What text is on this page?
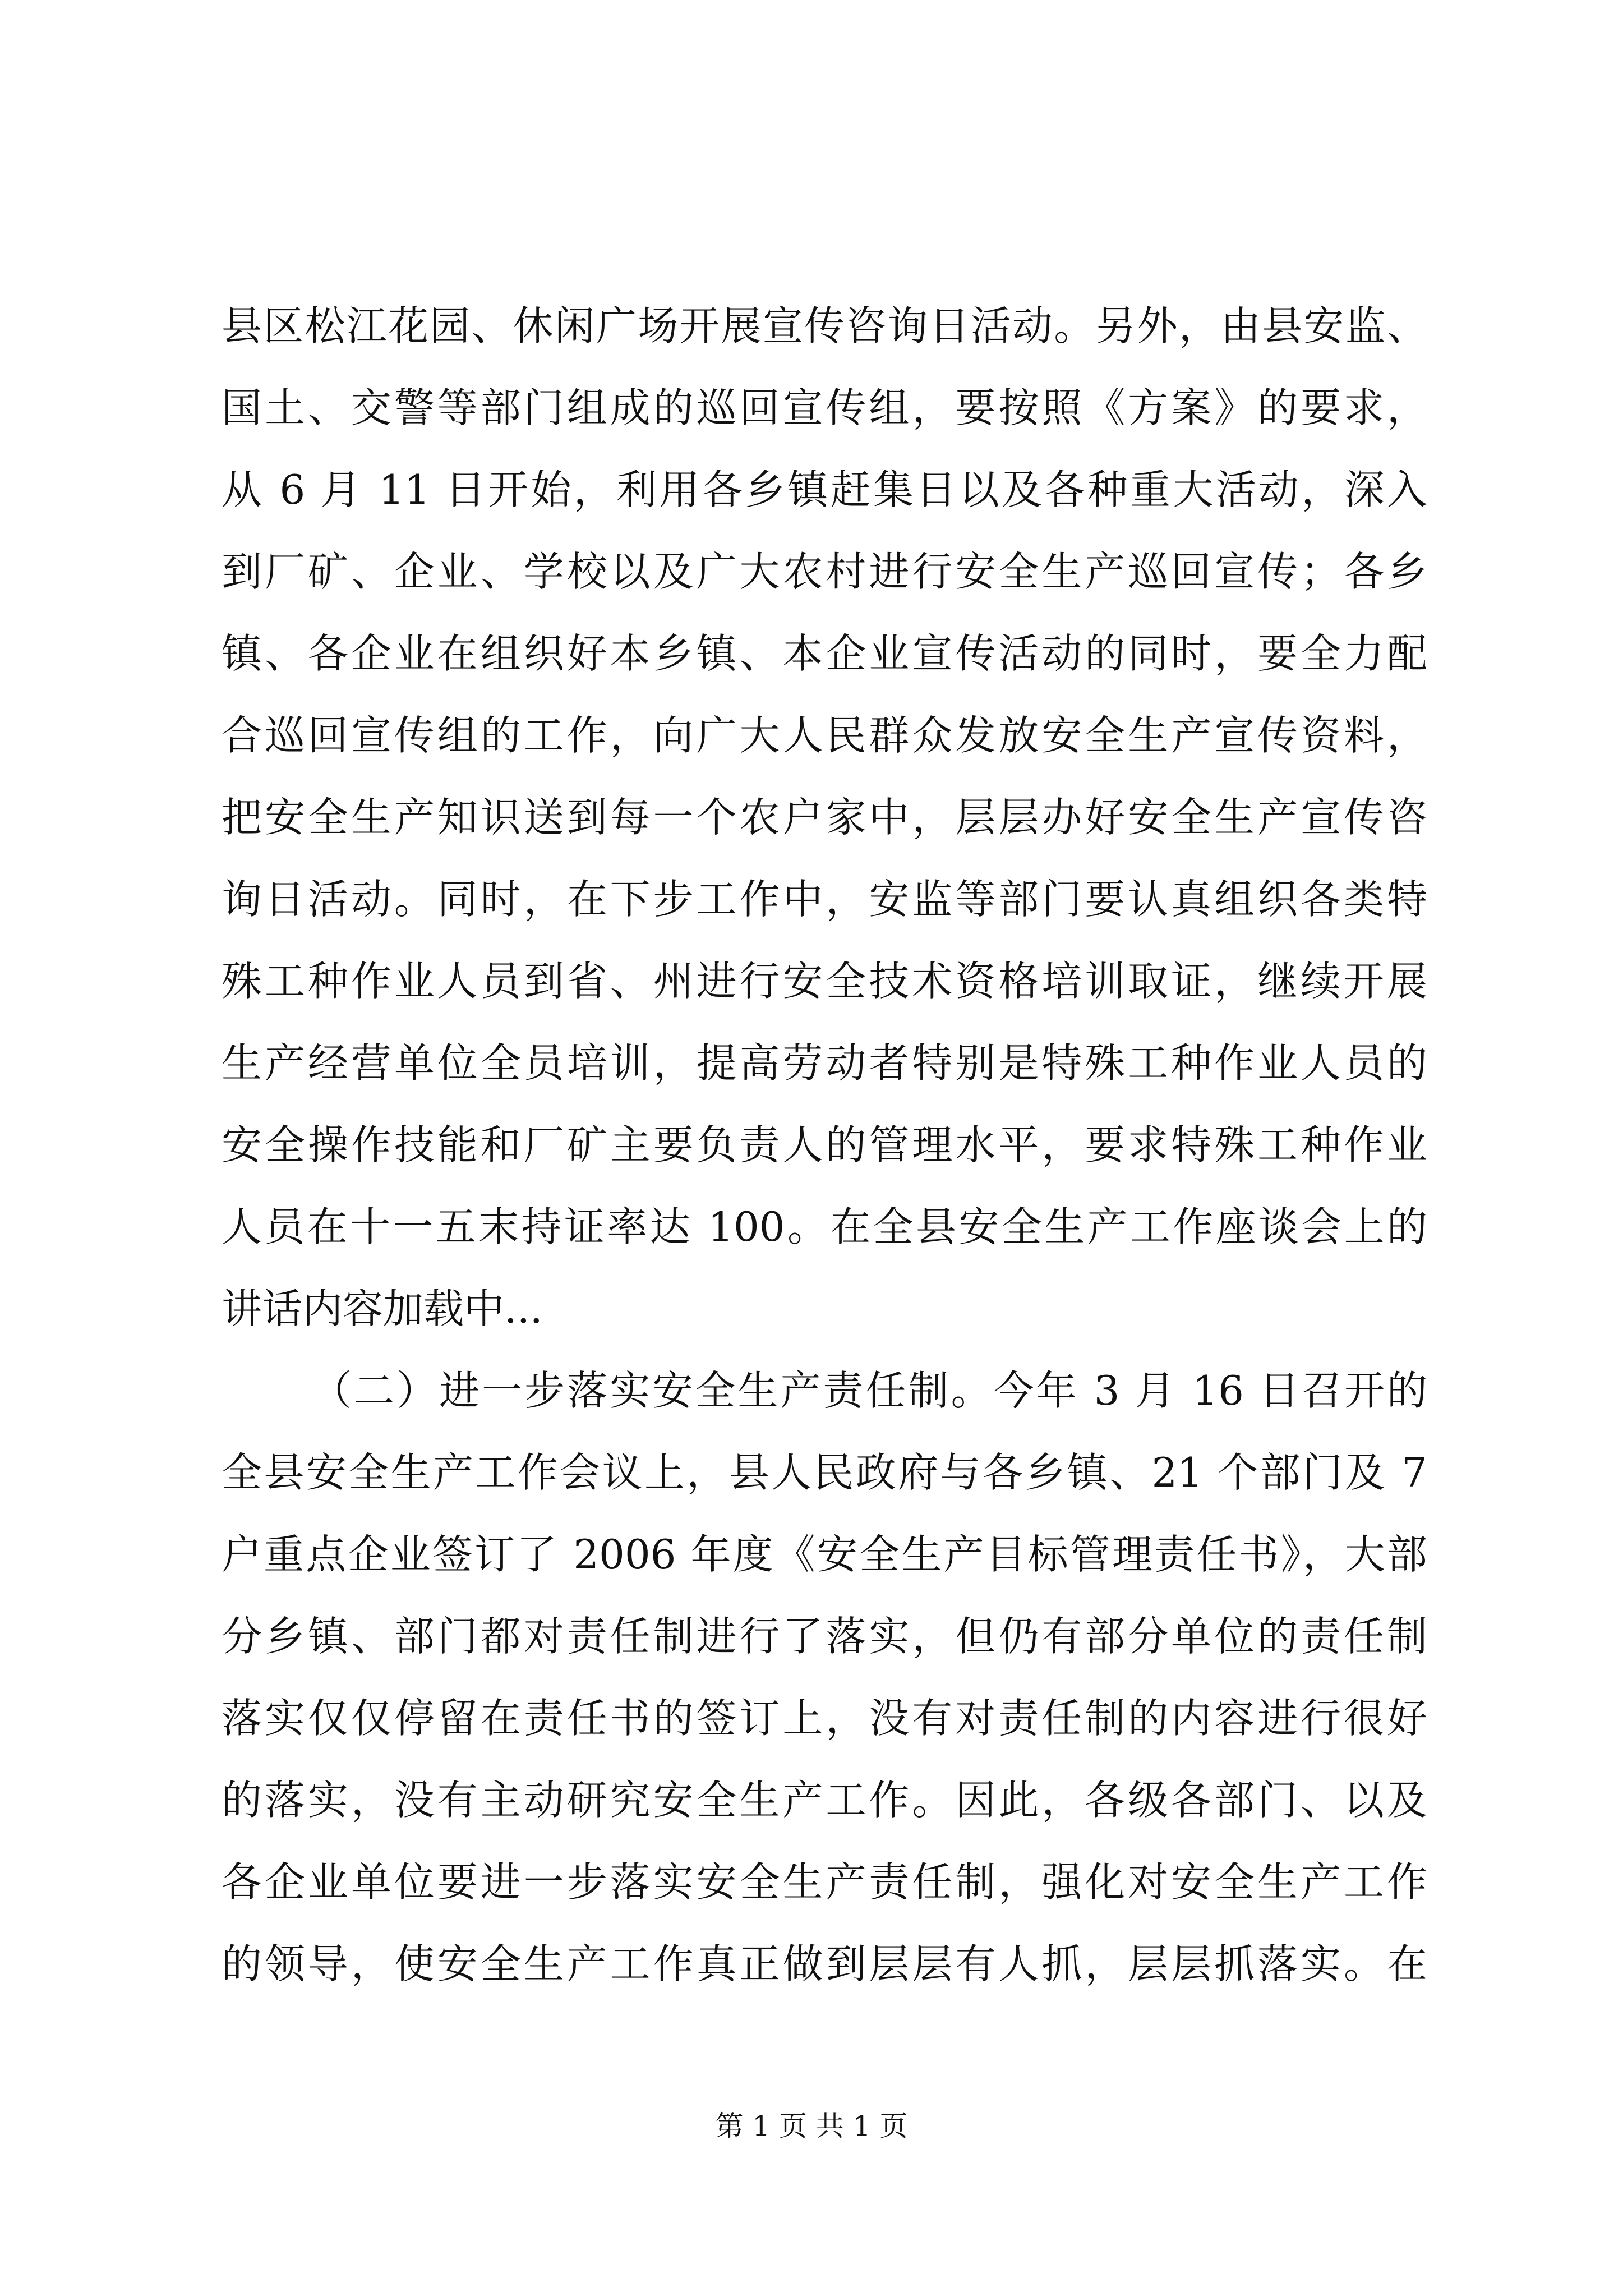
县区松江花园、休闲广场开展宣传咨询日活动。另外，由县安监、
国土、交警等部门组成的巡回宣传组，要按照《方案》的要求，
从 6 月 11 日开始，利用各乡镇赶集日以及各种重大活动，深入
到厂矿、企业、学校以及广大农村进行安全生产巡回宣传；各乡
镇、各企业在组织好本乡镇、本企业宣传活动的同时，要全力配
合巡回宣传组的工作，向广大人民群众发放安全生产宣传资料，
把安全生产知识送到每一个农户家中，层层办好安全生产宣传咨
询日活动。同时，在下步工作中，安监等部门要认真组织各类特
殊工种作业人员到省、州进行安全技术资格培训取证，继续开展
生产经营单位全员培训，提高劳动者特别是特殊工种作业人员的
安全操作技能和厂矿主要负责人的管理水平，要求特殊工种作业
人员在十一五末持证率达 100。在全县安全生产工作座谈会上的
讲话内容加载中...
（二）进一步落实安全生产责任制。今年 3 月 16 日召开的
全县安全生产工作会议上，县人民政府与各乡镇、21 个部门及 7
户重点企业签订了 2006 年度《安全生产目标管理责任书》，大部
分乡镇、部门都对责任制进行了落实，但仍有部分单位的责任制
落实仅仅停留在责任书的签订上，没有对责任制的内容进行很好
的落实，没有主动研究安全生产工作。因此，各级各部门、以及
各企业单位要进一步落实安全生产责任制，强化对安全生产工作
的领导，使安全生产工作真正做到层层有人抓，层层抓落实。在
第 1 页 共 1 页
